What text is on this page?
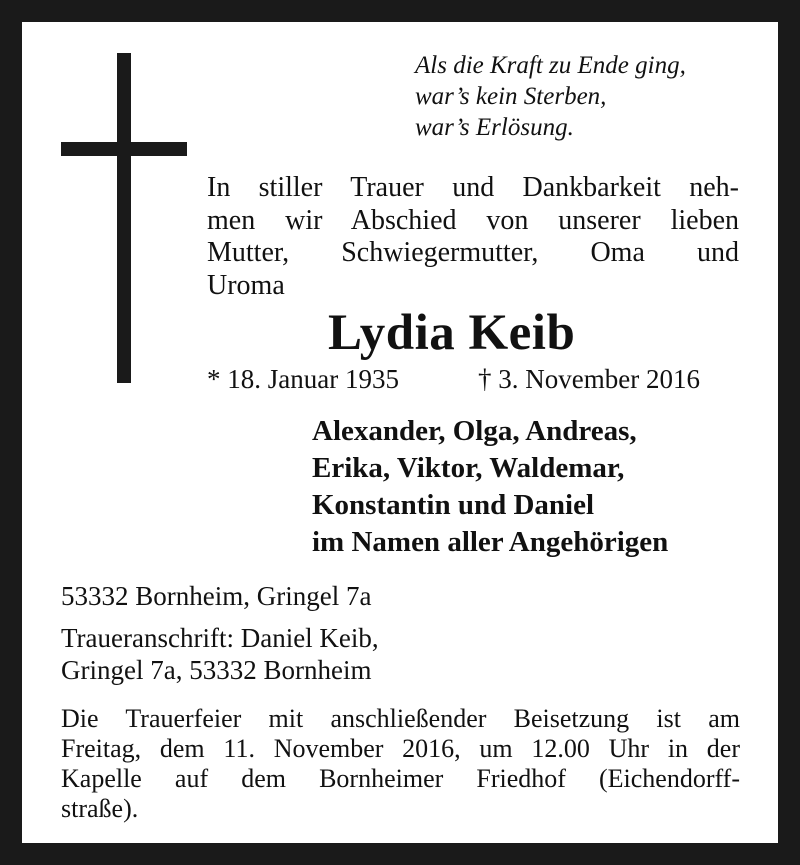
Als die Kraft zu Ende ging,
war’s kein Sterben,
war’s Erlösung.
In stiller Trauer und Dankbarkeit neh-
men wir Abschied von unserer lieben
Mutter, Schwiegermutter, Oma und
Uroma
Lydia Keib
* 18. Januar 1935	† 3. November 2016
Alexander, Olga, Andreas,
Erika, Viktor, Waldemar,
Konstantin und Daniel
im Namen aller Angehörigen
53332 Bornheim, Gringel 7a
Traueranschrift: Daniel Keib,
Gringel 7a, 53332 Bornheim
Die Trauerfeier mit anschließender Beisetzung ist am
Freitag, dem 11. November 2016, um 12.00 Uhr in der
Kapelle auf dem Bornheimer Friedhof (Eichendorff-
straße).
